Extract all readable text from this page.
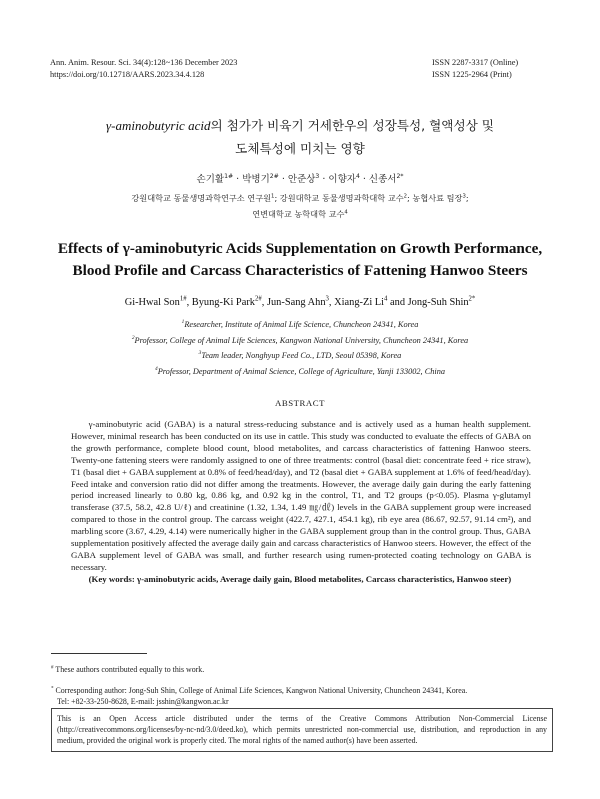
Ann. Anim. Resour. Sci. 34(4):128~136 December 2023
https://doi.org/10.12718/AARS.2023.34.4.128
ISSN 2287-3317 (Online)
ISSN 1225-2964 (Print)
γ-aminobutyric acid의 첨가가 비육기 거세한우의 성장특성, 혈액성상 및
도체특성에 미치는 영향
손기활$^{1\#}$ · 박병기$^{2\#}$ · 안준상$^3$ · 이향자$^4$ · 신종서$^{2*}$
강원대학교 동물생명과학연구소 연구원$^1$; 강원대학교 동물생명과학대학 교수$^2$; 농협사료 팀장$^3$;
연변대학교 농학대학 교수$^4$
Effects of γ-aminobutyric Acids Supplementation on Growth Performance,
Blood Profile and Carcass Characteristics of Fattening Hanwoo Steers
Gi-Hwal Son$^{1\#}$, Byung-Ki Park$^{2\#}$, Jun-Sang Ahn$^3$, Xiang-Zi Li$^4$ and Jong-Suh Shin$^{2*}$
$^1$Researcher, Institute of Animal Life Science, Chuncheon 24341, Korea
$^2$Professor, College of Animal Life Sciences, Kangwon National University, Chuncheon 24341, Korea
$^3$Team leader, Nonghyup Feed Co., LTD, Seoul 05398, Korea
$^4$Professor, Department of Animal Science, College of Agriculture, Yanji 133002, China
ABSTRACT

γ-aminobutyric acid (GABA) is a natural stress-reducing substance and is actively used as a human health supplement. However, minimal research has been conducted on its use in cattle. This study was conducted to evaluate the effects of GABA on the growth performance, complete blood count, blood metabolites, and carcass characteristics of fattening Hanwoo steers. Twenty-one fattening steers were randomly assigned to one of three treatments: control (basal diet: concentrate feed + rice straw), T1 (basal diet + GABA supplement at 0.8% of feed/head/day), and T2 (basal diet + GABA supplement at 1.6% of feed/head/day). Feed intake and conversion ratio did not differ among the treatments. However, the average daily gain during the early fattening period increased linearly to 0.80 kg, 0.86 kg, and 0.92 kg in the control, T1, and T2 groups (p<0.05). Plasma γ-glutamyl transferase (37.5, 58.2, 42.8 U/ℓ) and creatinine (1.32, 1.34, 1.49 ㎎/㎗) levels in the GABA supplement group were increased compared to those in the control group. The carcass weight (422.7, 427.1, 454.1 kg), rib eye area (86.67, 92.57, 91.14 cm²), and marbling score (3.67, 4.29, 4.14) were numerically higher in the GABA supplement group than in the control group. Thus, GABA supplementation positively affected the average daily gain and carcass characteristics of Hanwoo steers. However, the effect of the GABA supplement level of GABA was small, and further research using rumen-protected coating technology on GABA is necessary.

(Key words: γ-aminobutyric acids, Average daily gain, Blood metabolites, Carcass characteristics, Hanwoo steer)

# These authors contributed equally to this work.

* Corresponding author: Jong-Suh Shin, College of Animal Life Sciences, Kangwon National University, Chuncheon 24341, Korea.

Tel: +82-33-250-8628, E-mail: jsshin@kangwon.ac.kr

This is an Open Access article distributed under the terms of the Creative Commons Attribution Non-Commercial License (http://creativecommons.org/licenses/by-nc-nd/3.0/deed.ko), which permits unrestricted non-commercial use, distribution, and reproduction in any medium, provided the original work is properly cited. The moral rights of the named author(s) have been asserted.
